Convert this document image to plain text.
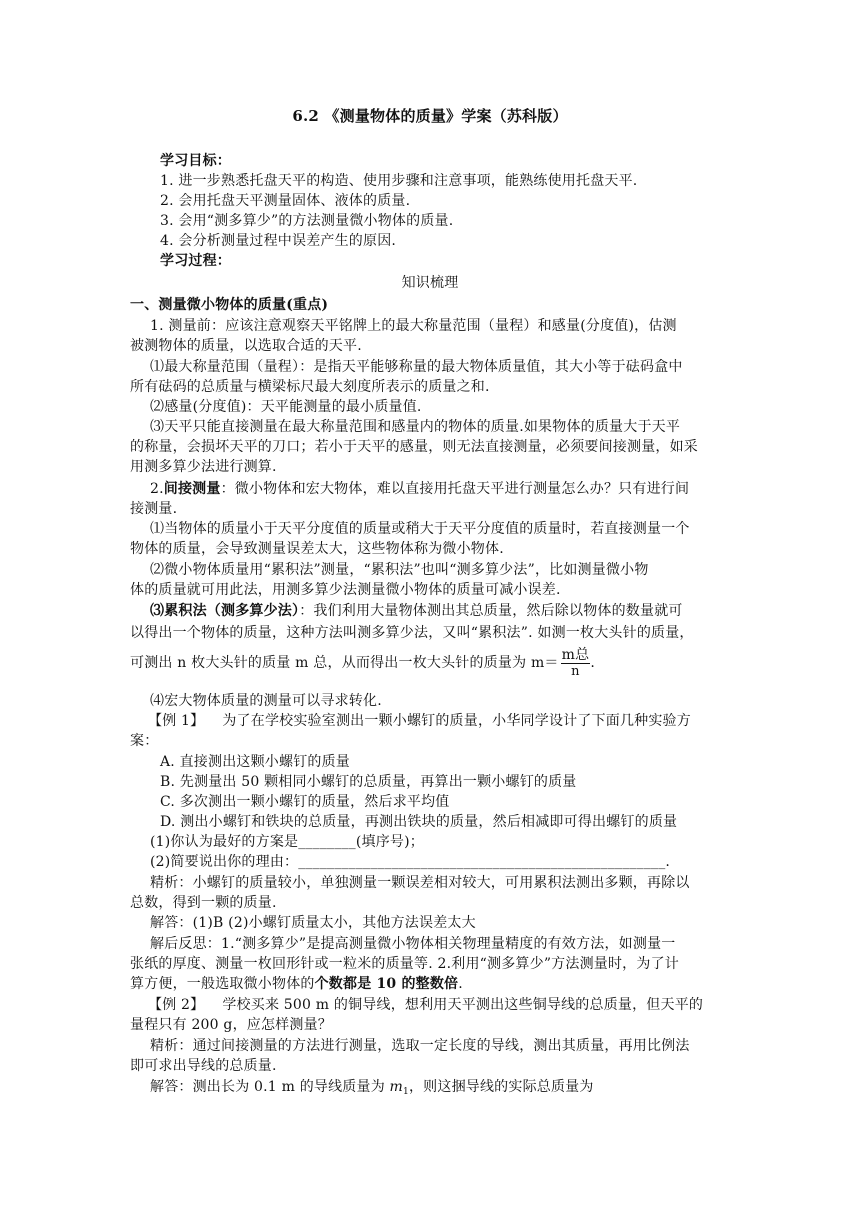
6.2 《测量物体的质量》学案（苏科版）
学习目标：
1. 进一步熟悉托盘天平的构造、使用步骤和注意事项，能熟练使用托盘天平.
2. 会用托盘天平测量固体、液体的质量.
3. 会用“测多算少”的方法测量微小物体的质量.
4. 会分析测量过程中误差产生的原因.
学习过程：
知识梳理
一、测量微小物体的质量(重点)
1. 测量前：应该注意观察天平铭牌上的最大称量范围（量程）和感量(分度值)，估测
被测物体的质量，以选取合适的天平.
⑴最大称量范围（量程）：是指天平能够称量的最大物体质量值，其大小等于砝码盒中
所有砝码的总质量与横梁标尺最大刻度所表示的质量之和.
⑵感量(分度值)：天平能测量的最小质量值.
⑶天平只能直接测量在最大称量范围和感量内的物体的质量.如果物体的质量大于天平
的称量，会损坏天平的刀口；若小于天平的感量，则无法直接测量，必须要间接测量，如采
用测多算少法进行测算.
2.间接测量：微小物体和宏大物体，难以直接用托盘天平进行测量怎么办？只有进行间
接测量.
⑴当物体的质量小于天平分度值的质量或稍大于天平分度值的质量时，若直接测量一个
物体的质量，会导致测量误差太大，这些物体称为微小物体.
⑵微小物体质量用“累积法”测量，“累积法”也叫“测多算少法”，比如测量微小物
体的质量就可用此法，用测多算少法测量微小物体的质量可减小误差.
⑶累积法（测多算少法）：我们利用大量物体测出其总质量，然后除以物体的数量就可
以得出一个物体的质量，这种方法叫测多算少法，又叫“累积法”. 如测一枚大头针的质量，
可测出 n 枚大头针的质量 m 总，从而得出一枚大头针的质量为 $m= \frac{\text{m总}}{n}$ .
⑷宏大物体质量的测量可以寻求转化.
【例 1】 为了在学校实验室测出一颗小螺钉的质量，小华同学设计了下面几种实验方
案：
A. 直接测出这颗小螺钉的质量
B. 先测量出 50 颗相同小螺钉的总质量，再算出一颗小螺钉的质量
C. 多次测出一颗小螺钉的质量，然后求平均值
D. 测出小螺钉和铁块的总质量，再测出铁块的质量，然后相减即可得出螺钉的质量
(1)你认为最好的方案是________(填序号)；
(2)简要说出你的理由：___________________________________________________.
精析：小螺钉的质量较小，单独测量一颗误差相对较大，可用累积法测出多颗，再除以
总数，得到一颗的质量.
解答：(1)B (2)小螺钉质量太小，其他方法误差太大
解后反思：1.“测多算少”是提高测量微小物体相关物理量精度的有效方法，如测量一
张纸的厚度、测量一枚回形针或一粒米的质量等. 2.利用“测多算少”方法测量时，为了计
算方便，一般选取微小物体的个数都是 10 的整数倍.
【例 2】 学校买来 500 m 的铜导线，想利用天平测出这些铜导线的总质量，但天平的
量程只有 200 g，应怎样测量？
精析：通过间接测量的方法进行测量，选取一定长度的导线，测出其质量，再用比例法
即可求出导线的总质量.
解答：测出长为 0.1 m 的导线质量为 $m_1$，则这捆导线的实际总质量为
